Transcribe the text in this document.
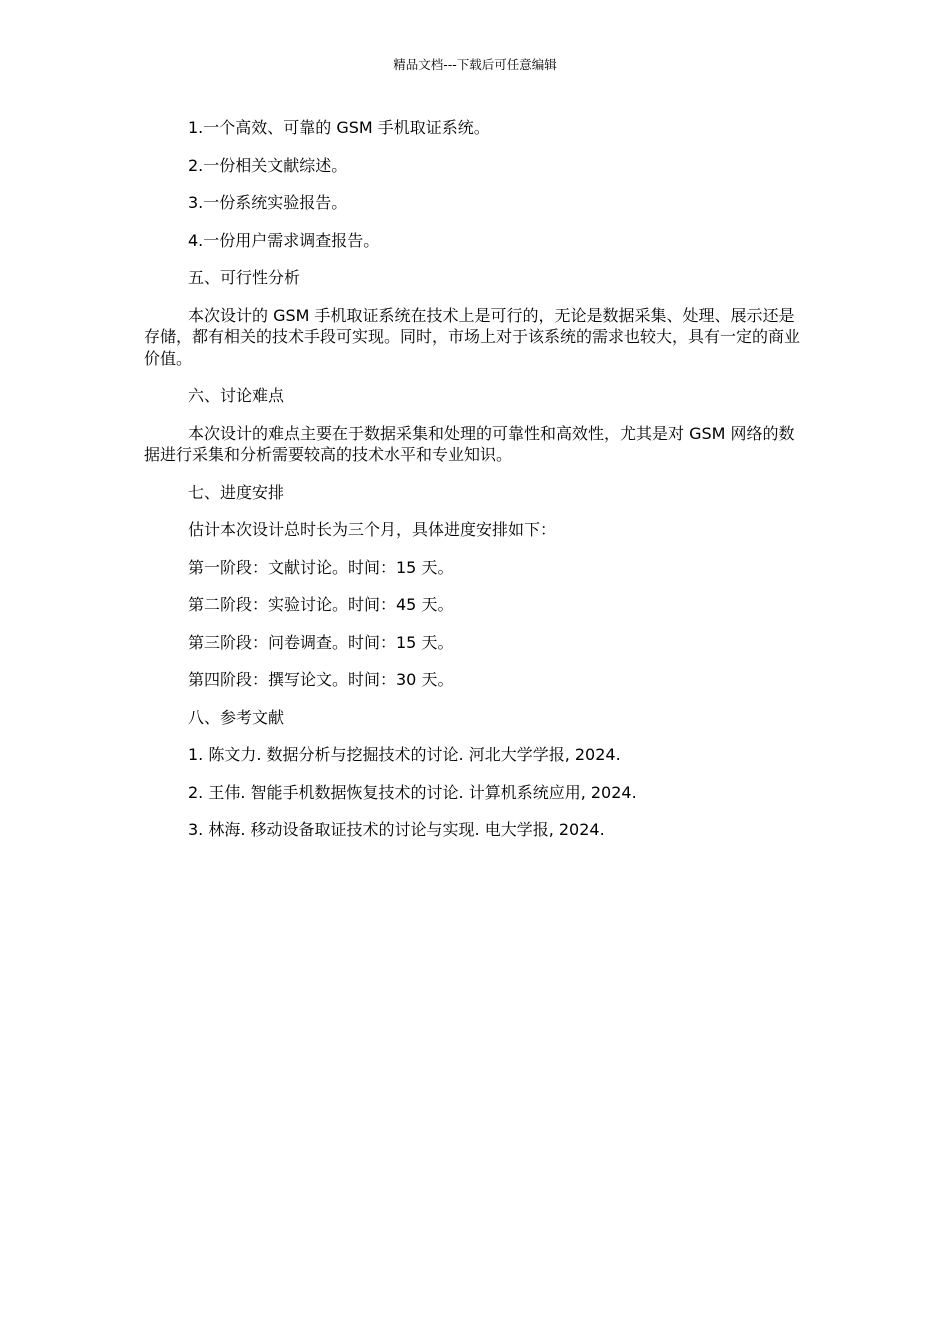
精品文档---下载后可任意编辑

1.一个高效、可靠的 GSM 手机取证系统。

2.一份相关文献综述。

3.一份系统实验报告。

4.一份用户需求调查报告。

五、可行性分析

本次设计的 GSM 手机取证系统在技术上是可行的，无论是数据采集、处理、展示还是存储，都有相关的技术手段可实现。同时，市场上对于该系统的需求也较大，具有一定的商业价值。

六、讨论难点

本次设计的难点主要在于数据采集和处理的可靠性和高效性，尤其是对 GSM 网络的数据进行采集和分析需要较高的技术水平和专业知识。

七、进度安排

估计本次设计总时长为三个月，具体进度安排如下：

第一阶段：文献讨论。时间：15 天。

第二阶段：实验讨论。时间：45 天。

第三阶段：问卷调查。时间：15 天。

第四阶段：撰写论文。时间：30 天。

八、参考文献

1. 陈文力. 数据分析与挖掘技术的讨论. 河北大学学报, 2024.

2. 王伟. 智能手机数据恢复技术的讨论. 计算机系统应用, 2024.

3. 林海. 移动设备取证技术的讨论与实现. 电大学报, 2024.
